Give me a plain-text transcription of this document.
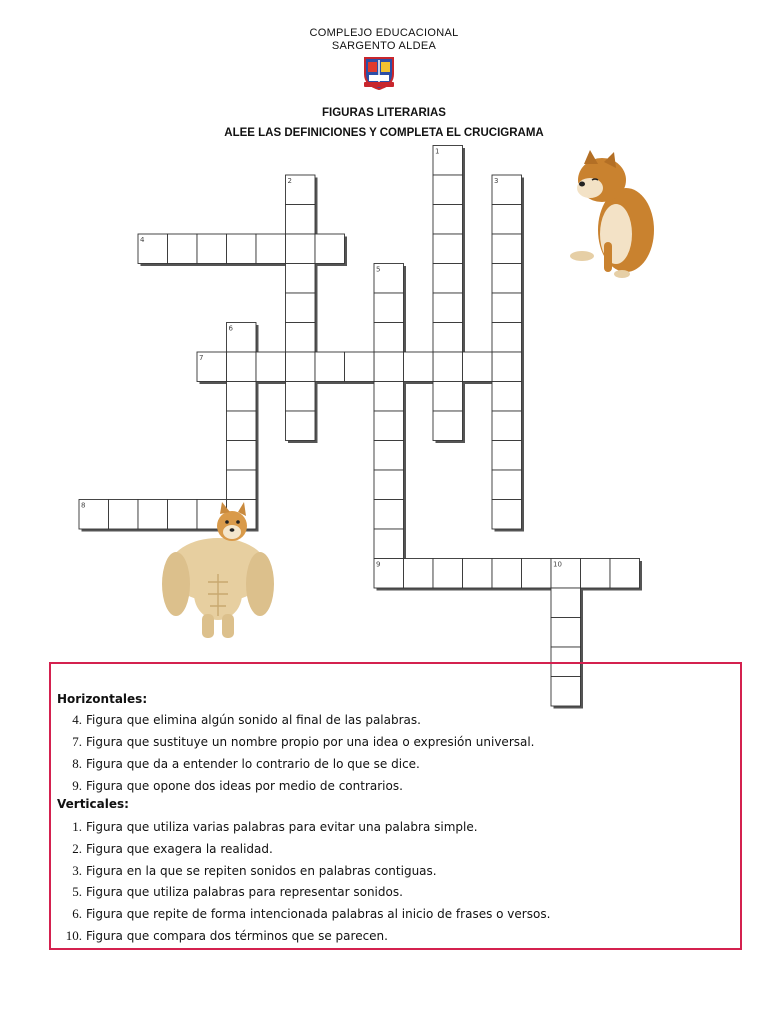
COMPLEJO EDUCACIONAL
SARGENTO ALDEA
FIGURAS LITERARIAS
ALEE LAS DEFINICIONES Y COMPLETA EL CRUCIGRAMA
1
2	3
4
5
6
7
8
9	10
Horizontales:
4. Figura que elimina algún sonido al final de las palabras.
7. Figura que sustituye un nombre propio por una idea o expresión universal.
8. Figura que da a entender lo contrario de lo que se dice.
9. Figura que opone dos ideas por medio de contrarios.
Verticales:
1. Figura que utiliza varias palabras para evitar una palabra simple.
2. Figura que exagera la realidad.
3. Figura en la que se repiten sonidos en palabras contiguas.
5. Figura que utiliza palabras para representar sonidos.
6. Figura que repite de forma intencionada palabras al inicio de frases o versos.
10. Figura que compara dos términos que se parecen.
